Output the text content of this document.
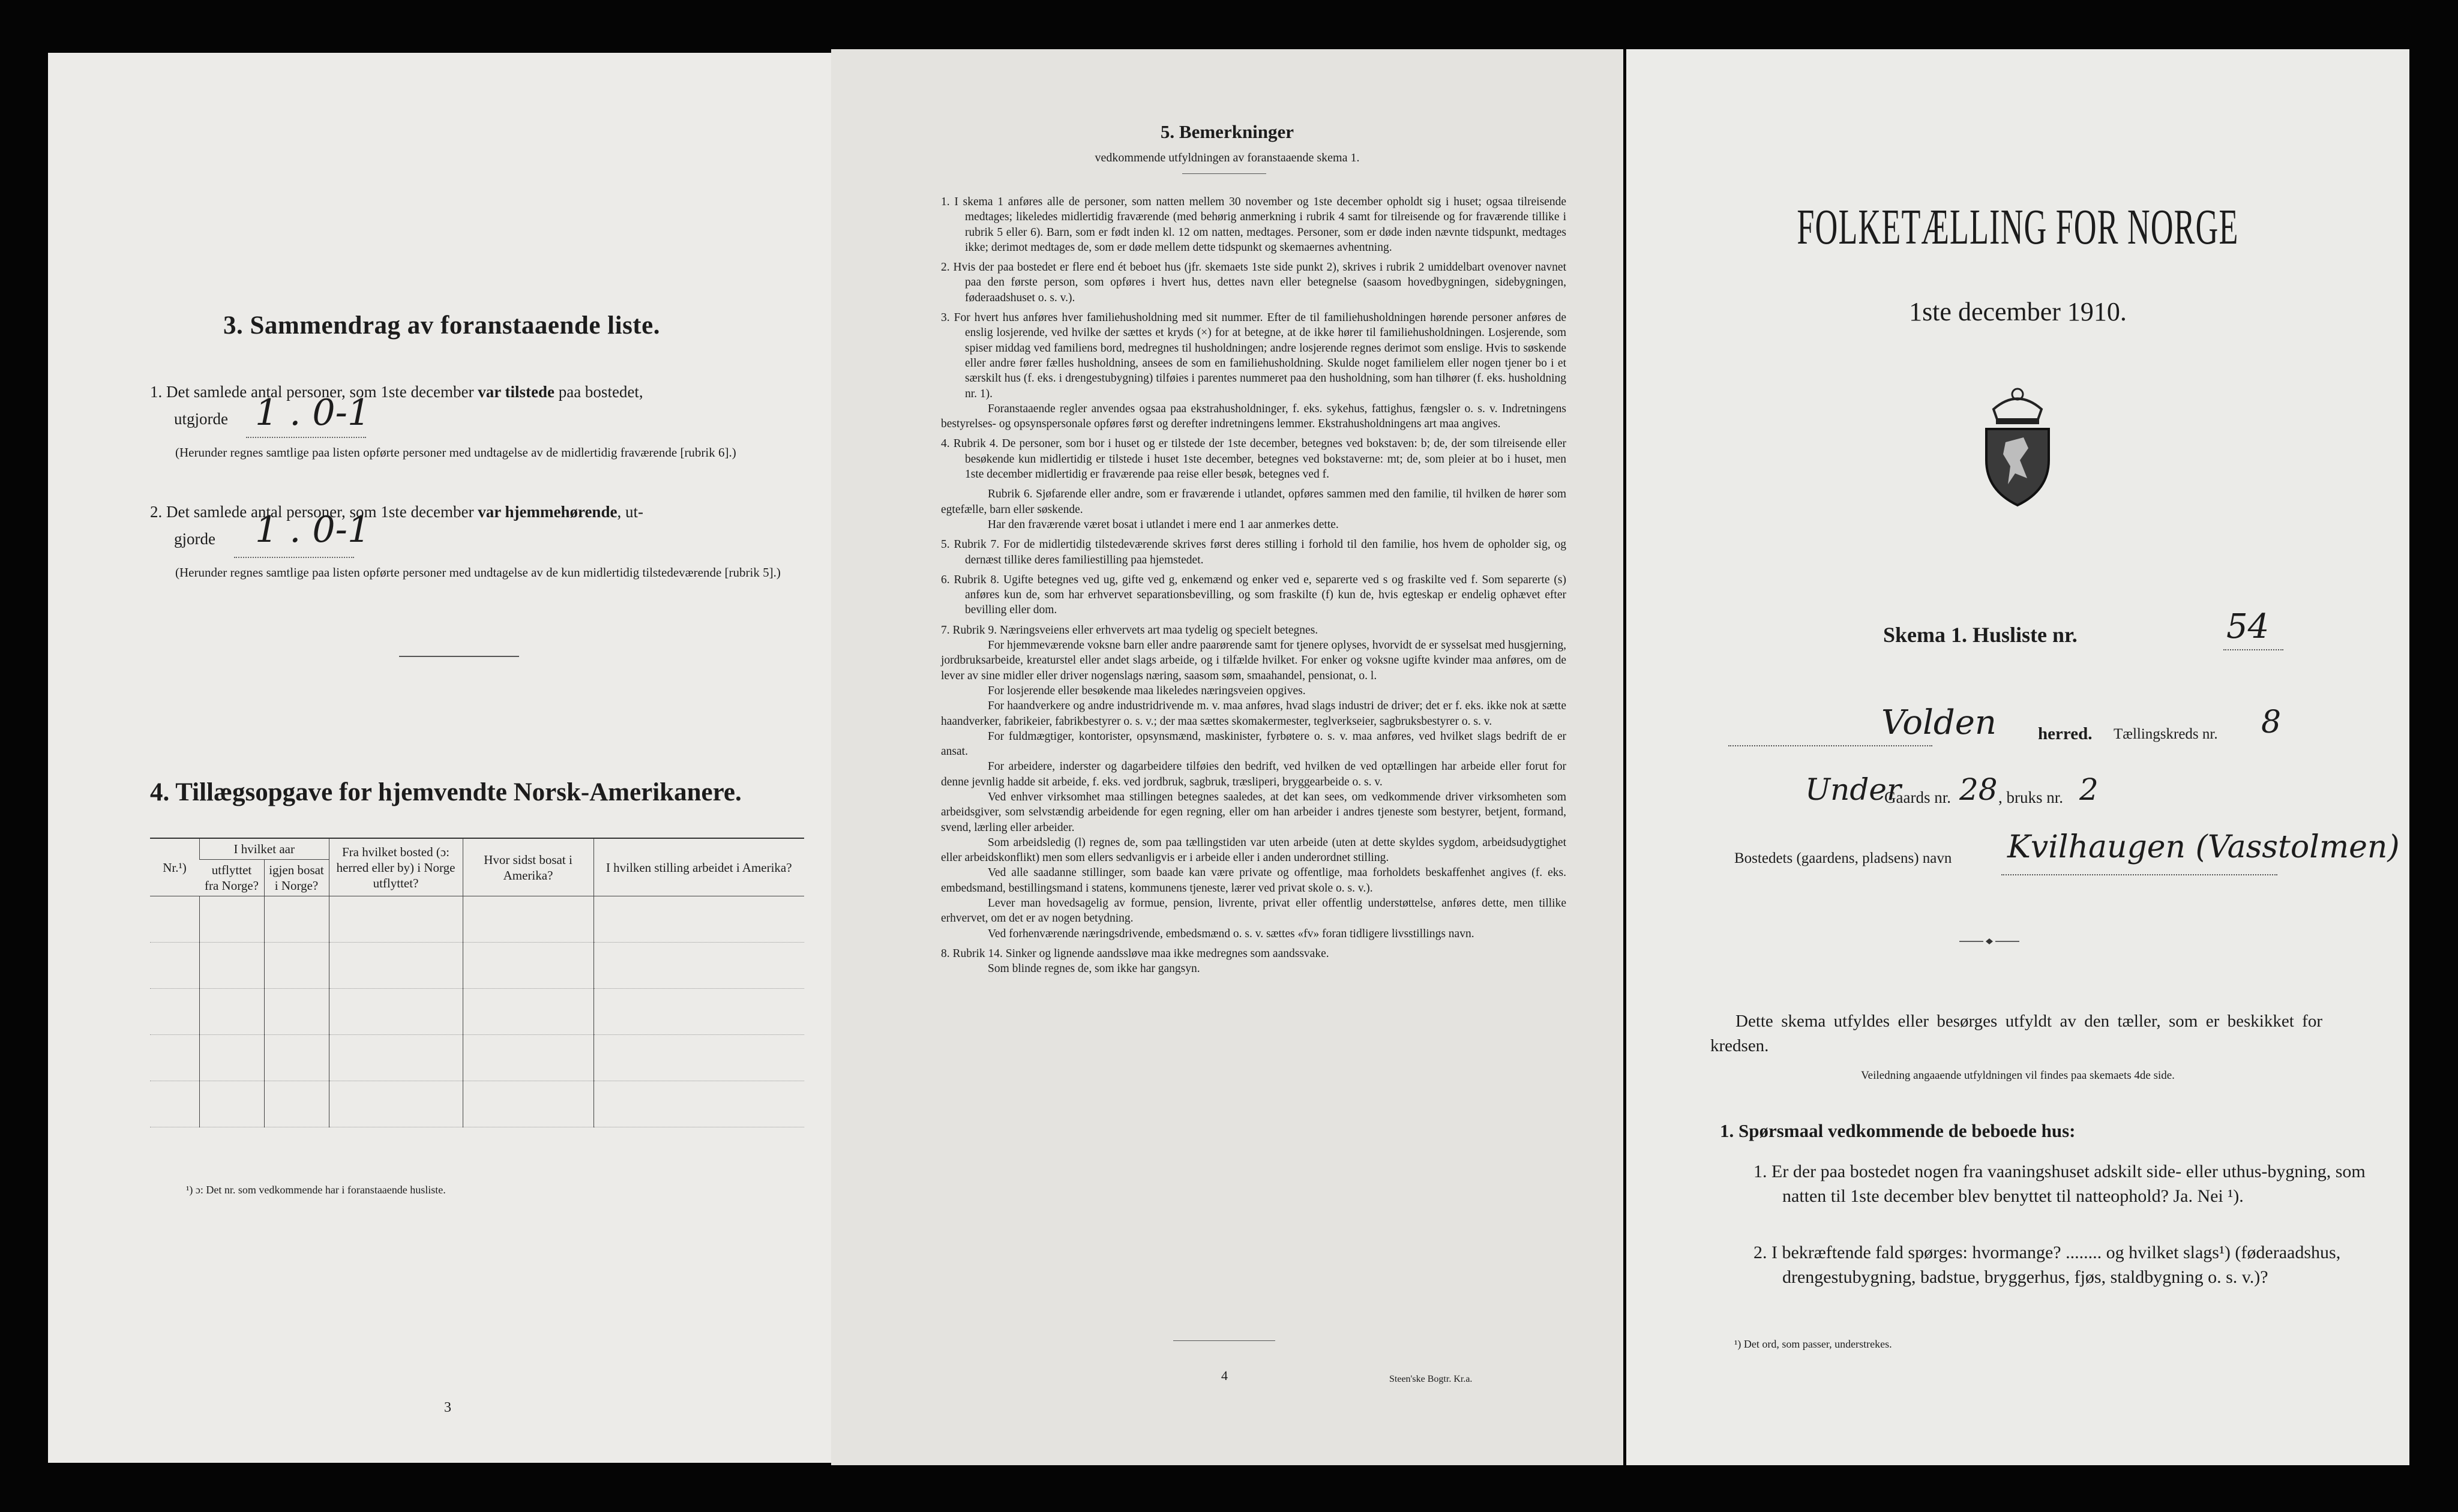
3. Sammendrag av foranstaaende liste.
1. Det samlede antal personer, som 1ste december var tilstede paa bostedet,
utgjorde 1 . 0-1
(Herunder regnes samtlige paa listen opførte personer med undtagelse av de midlertidig fraværende [rubrik 6].)
2. Det samlede antal personer, som 1ste december var hjemmehørende, ut-
gjorde 1 . 0-1
(Herunder regnes samtlige paa listen opførte personer med undtagelse av de kun midlertidig tilstedeværende [rubrik 5].)
4. Tillægsopgave for hjemvendte Norsk-Amerikanere.
Nr.¹)	I hvilket aar		Fra hvilket bosted (ɔ: herred eller by) i Norge utflyttet?	Hvor sidst bosat i Amerika?	I hvilken stilling arbeidet i Amerika?
	utflyttet fra Norge?	igjen bosat i Norge?			

¹) ɔ: Det nr. som vedkommende har i foranstaaende husliste.
3
5. Bemerkninger
vedkommende utfyldningen av foranstaaende skema 1.

1. I skema 1 anføres alle de personer, som natten mellem 30 november og 1ste december opholdt sig i huset; ogsaa tilreisende medtages; likeledes midlertidig fraværende (med behørig anmerkning i rubrik 4 samt for tilreisende og for fraværende tillike i rubrik 5 eller 6). Barn, som er født inden kl. 12 om natten, medtages. Personer, som er døde inden nævnte tidspunkt, medtages ikke; derimot medtages de, som er døde mellem dette tidspunkt og skemaernes avhentning.

2. Hvis der paa bostedet er flere end ét beboet hus (jfr. skemaets 1ste side punkt 2), skrives i rubrik 2 umiddelbart ovenover navnet paa den første person, som opføres i hvert hus, dettes navn eller betegnelse (saasom hovedbygningen, sidebygningen, føderaadshuset o. s. v.).

3. For hvert hus anføres hver familiehusholdning med sit nummer. Efter de til familiehusholdningen hørende personer anføres de enslig losjerende, ved hvilke der sættes et kryds (×) for at betegne, at de ikke hører til familiehusholdningen. Losjerende, som spiser middag ved familiens bord, medregnes til husholdningen; andre losjerende regnes derimot som enslige. Hvis to søskende eller andre fører fælles husholdning, ansees de som en familiehusholdning. Skulde noget familielem eller nogen tjener bo i et særskilt hus (f. eks. i drengestubygning) tilføies i parentes nummeret paa den husholdning, som han tilhører (f. eks. husholdning nr. 1).

Foranstaaende regler anvendes ogsaa paa ekstrahusholdninger, f. eks. sykehus, fattighus, fængsler o. s. v. Indretningens bestyrelses- og opsynspersonale opføres først og derefter indretningens lemmer. Ekstrahusholdningens art maa angives.

4. Rubrik 4. De personer, som bor i huset og er tilstede der 1ste december, betegnes ved bokstaven: b; de, der som tilreisende eller besøkende kun midlertidig er tilstede i huset 1ste december, betegnes ved bokstaverne: mt; de, som pleier at bo i huset, men 1ste december midlertidig er fraværende paa reise eller besøk, betegnes ved f.

Rubrik 6. Sjøfarende eller andre, som er fraværende i utlandet, opføres sammen med den familie, til hvilken de hører som egtefælle, barn eller søskende.

Har den fraværende været bosat i utlandet i mere end 1 aar anmerkes dette.

5. Rubrik 7. For de midlertidig tilstedeværende skrives først deres stilling i forhold til den familie, hos hvem de opholder sig, og dernæst tillike deres familiestilling paa hjemstedet.

6. Rubrik 8. Ugifte betegnes ved ug, gifte ved g, enkemænd og enker ved e, separerte ved s og fraskilte ved f. Som separerte (s) anføres kun de, som har erhvervet separationsbevilling, og som fraskilte (f) kun de, hvis egteskap er endelig ophævet efter bevilling eller dom.

7. Rubrik 9. Næringsveiens eller erhvervets art maa tydelig og specielt betegnes.

For hjemmeværende voksne barn eller andre paarørende samt for tjenere oplyses, hvorvidt de er sysselsat med husgjerning, jordbruksarbeide, kreaturstel eller andet slags arbeide, og i tilfælde hvilket. For enker og voksne ugifte kvinder maa anføres, om de lever av sine midler eller driver nogenslags næring, saasom søm, smaahandel, pensionat, o. l.

For losjerende eller besøkende maa likeledes næringsveien opgives.

For haandverkere og andre industridrivende m. v. maa anføres, hvad slags industri de driver; det er f. eks. ikke nok at sætte haandverker, fabrikeier, fabrikbestyrer o. s. v.; der maa sættes skomakermester, teglverkseier, sagbruksbestyrer o. s. v.

For fuldmægtiger, kontorister, opsynsmænd, maskinister, fyrbøtere o. s. v. maa anføres, ved hvilket slags bedrift de er ansat.

For arbeidere, inderster og dagarbeidere tilføies den bedrift, ved hvilken de ved optællingen har arbeide eller forut for denne jevnlig hadde sit arbeide, f. eks. ved jordbruk, sagbruk, træsliperi, bryggearbeide o. s. v.

Ved enhver virksomhet maa stillingen betegnes saaledes, at det kan sees, om vedkommende driver virksomheten som arbeidsgiver, som selvstændig arbeidende for egen regning, eller om han arbeider i andres tjeneste som bestyrer, betjent, formand, svend, lærling eller arbeider.

Som arbeidsledig (l) regnes de, som paa tællingstiden var uten arbeide (uten at dette skyldes sygdom, arbeidsudygtighet eller arbeidskonflikt) men som ellers sedvanligvis er i arbeide eller i anden underordnet stilling.

Ved alle saadanne stillinger, som baade kan være private og offentlige, maa forholdets beskaffenhet angives (f. eks. embedsmand, bestillingsmand i statens, kommunens tjeneste, lærer ved privat skole o. s. v.).

Lever man hovedsagelig av formue, pension, livrente, privat eller offentlig understøttelse, anføres dette, men tillike erhvervet, om det er av nogen betydning.

Ved forhenværende næringsdrivende, embedsmænd o. s. v. sættes «fv» foran tidligere livsstillings navn.

8. Rubrik 14. Sinker og lignende aandssløve maa ikke medregnes som aandssvake.

Som blinde regnes de, som ikke har gangsyn.

4	Steen'ske Bogtr. Kr.a.
FOLKETÆLLING FOR NORGE
1ste december 1910.
Skema 1. Husliste nr.	54
Volden herred. Tællingskreds nr. 8
Under
Gaards nr. 28 , bruks nr. 2
Bostedets (gaardens, pladsens) navn Kvilhaugen (Vasstolmen)
Dette skema utfyldes eller besørges utfyldt av den tæller, som er beskikket for kredsen.
Veiledning angaaende utfyldningen vil findes paa skemaets 4de side.
1. Spørsmaal vedkommende de beboede hus:
1. Er der paa bostedet nogen fra vaaningshuset adskilt side- eller uthus-bygning, som natten til 1ste december blev benyttet til natteophold? Ja. Nei ¹).
2. I bekræftende fald spørges: hvormange? ........ og hvilket slags¹) (føderaadshus, drengestubygning, badstue, bryggerhus, fjøs, staldbygning o. s. v.)?
¹) Det ord, som passer, understrekes.
